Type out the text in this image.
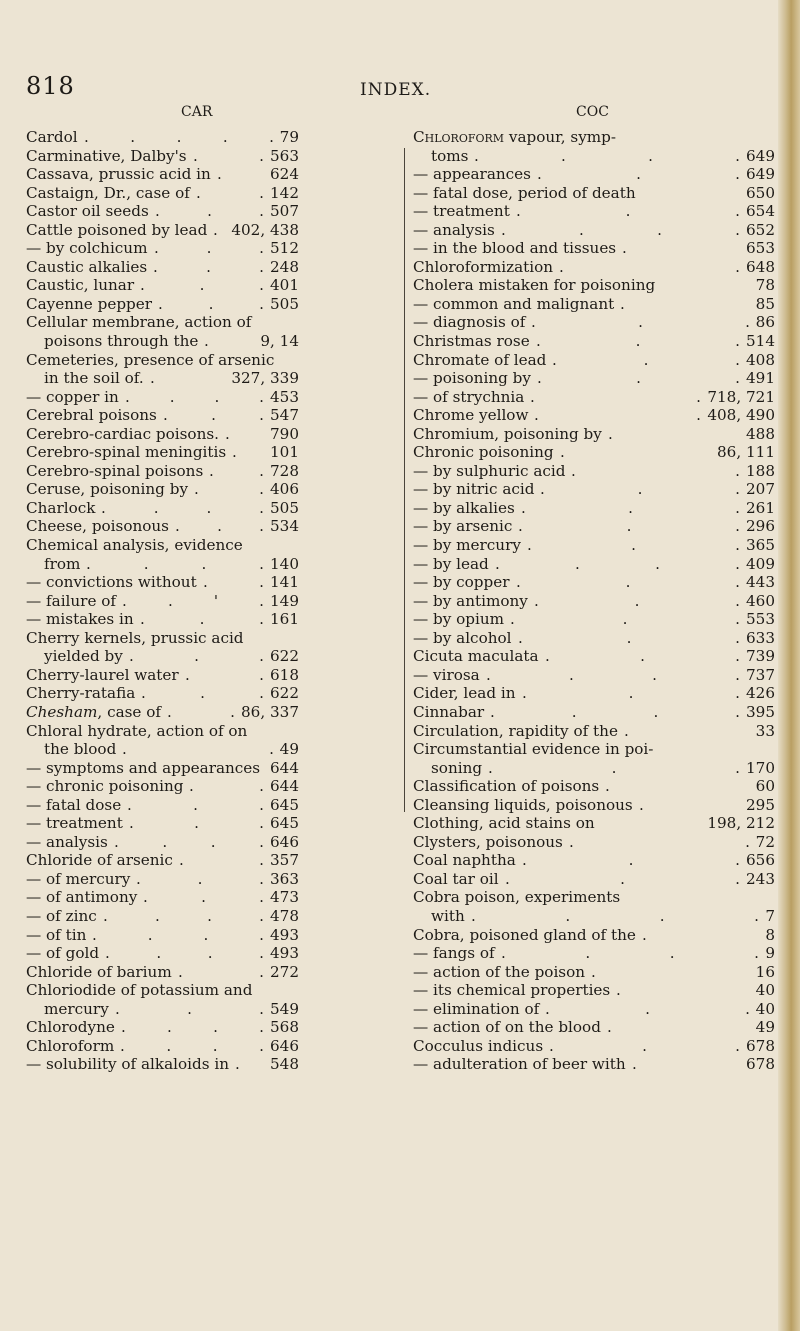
818	INDEX.
CAR	COC
Cardol .	.	.	.	. 79
Carminative, Dalby's .	. 563
Cassava, prussic acid in .	624
Castaign, Dr., case of .	. 142
Castor oil seeds .	.	. 507
Cattle poisoned by lead . 402, 438
— by colchicum .	.	. 512
Caustic alkalies .	.	. 248
Caustic, lunar .	.	. 401
Cayenne pepper .	.	. 505
Cellular membrane, action of
poisons through the .	9, 14
Cemeteries, presence of arsenic
in the soil of. .	327, 339
— copper in .	.	.	. 453
Cerebral poisons .	.	. 547
Cerebro-cardiac poisons. .	790
Cerebro-spinal meningitis . 101
Cerebro-spinal poisons .	. 728
Ceruse, poisoning by .	. 406
Charlock .	.	.	. 505
Cheese, poisonous . . . 534
Chemical analysis, evidence
from .	.	.	. 140
— convictions without .	. 141
— failure of .	.	'	. 149
— mistakes in .	.	. 161
Cherry kernels, prussic acid
yielded by .	.	. 622
Cherry-laurel water .	. 618
Cherry-ratafia .	.	. 622
Chesham, case of .	. 86, 337
Chloral hydrate, action of on
the blood .	. 49
— symptoms and appearances 644
— chronic poisoning .	. 644
— fatal dose .	.	. 645
— treatment .	.	. 645
— analysis .	.	.	. 646
Chloride of arsenic .	. 357
— of mercury .	.	. 363
— of antimony .	.	. 473
— of zinc .	.	.	. 478
— of tin .	.	.	. 493
— of gold .	.	.	. 493
Chloride of barium .	. 272
Chloriodide of potassium and
mercury .	.	. 549
Chlorodyne .	.	.	. 568
Chloroform .	.	.	. 646
— solubility of alkaloids in . 548
Chloroform vapour, symp-
toms .	.	.	. 649
— appearances .	.	. 649
— fatal dose, period of death	650
— treatment .	.	. 654
— analysis .	.	.	. 652
— in the blood and tissues .	653
Chloroformization .	. 648
Cholera mistaken for poisoning	78
— common and malignant .	85
— diagnosis of .	.	. 86
Christmas rose .	.	. 514
Chromate of lead .	.	. 408
— poisoning by .	.	. 491
— of strychnia .	. 718, 721
Chrome yellow .	. 408, 490
Chromium, poisoning by .	488
Chronic poisoning .	86, 111
— by sulphuric acid .	. 188
— by nitric acid .	.	. 207
— by alkalies .	.	. 261
— by arsenic .	.	. 296
— by mercury .	.	. 365
— by lead .	.	.	. 409
— by copper .	.	. 443
— by antimony .	.	. 460
— by opium .	.	. 553
— by alcohol .	.	. 633
Cicuta maculata .	.	. 739
— virosa .	.	.	. 737
Cider, lead in .	.	. 426
Cinnabar .	.	.	. 395
Circulation, rapidity of the .	33
Circumstantial evidence in poi-
soning .	.	. 170
Classification of poisons .	60
Cleansing liquids, poisonous .	295
Clothing, acid stains on	198, 212
Clysters, poisonous .	. 72
Coal naphtha .	.	. 656
Coal tar oil .	.	. 243
Cobra poison, experiments
with .	.	.	. 7
Cobra, poisoned gland of the .	8
— fangs of .	.	.	. 9
— action of the poison .	16
— its chemical properties .	40
— elimination of .	.	. 40
— action of on the blood .	49
Cocculus indicus .	.	. 678
— adulteration of beer with .	678
